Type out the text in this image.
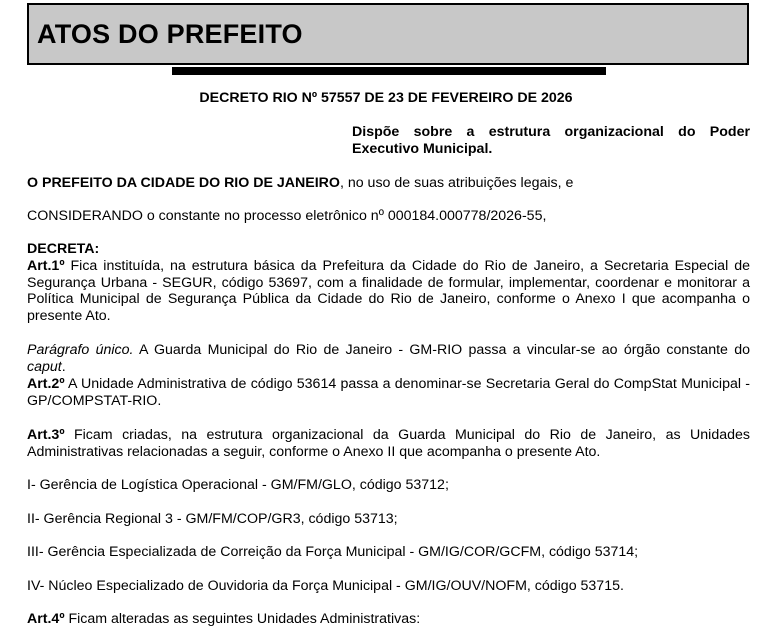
ATOS DO PREFEITO

DECRETO RIO Nº 57557 DE 23 DE FEVEREIRO DE 2026

Dispõe sobre a estrutura organizacional do Poder Executivo Municipal.

O PREFEITO DA CIDADE DO RIO DE JANEIRO, no uso de suas atribuições legais, e

CONSIDERANDO o constante no processo eletrônico nº 000184.000778/2026-55,

DECRETA:

Art.1º Fica instituída, na estrutura básica da Prefeitura da Cidade do Rio de Janeiro, a Secretaria Especial de Segurança Urbana - SEGUR, código 53697, com a finalidade de formular, implementar, coordenar e monitorar a Política Municipal de Segurança Pública da Cidade do Rio de Janeiro, conforme o Anexo I que acompanha o presente Ato.

Parágrafo único. A Guarda Municipal do Rio de Janeiro - GM-RIO passa a vincular-se ao órgão constante do caput.

Art.2º A Unidade Administrativa de código 53614 passa a denominar-se Secretaria Geral do CompStat Municipal - GP/COMPSTAT-RIO.

Art.3º Ficam criadas, na estrutura organizacional da Guarda Municipal do Rio de Janeiro, as Unidades Administrativas relacionadas a seguir, conforme o Anexo II que acompanha o presente Ato.

I- Gerência de Logística Operacional - GM/FM/GLO, código 53712;

II- Gerência Regional 3 - GM/FM/COP/GR3, código 53713;

III- Gerência Especializada de Correição da Força Municipal - GM/IG/COR/GCFM, código 53714;

IV- Núcleo Especializado de Ouvidoria da Força Municipal - GM/IG/OUV/NOFM, código 53715.

Art.4º Ficam alteradas as seguintes Unidades Administrativas:
